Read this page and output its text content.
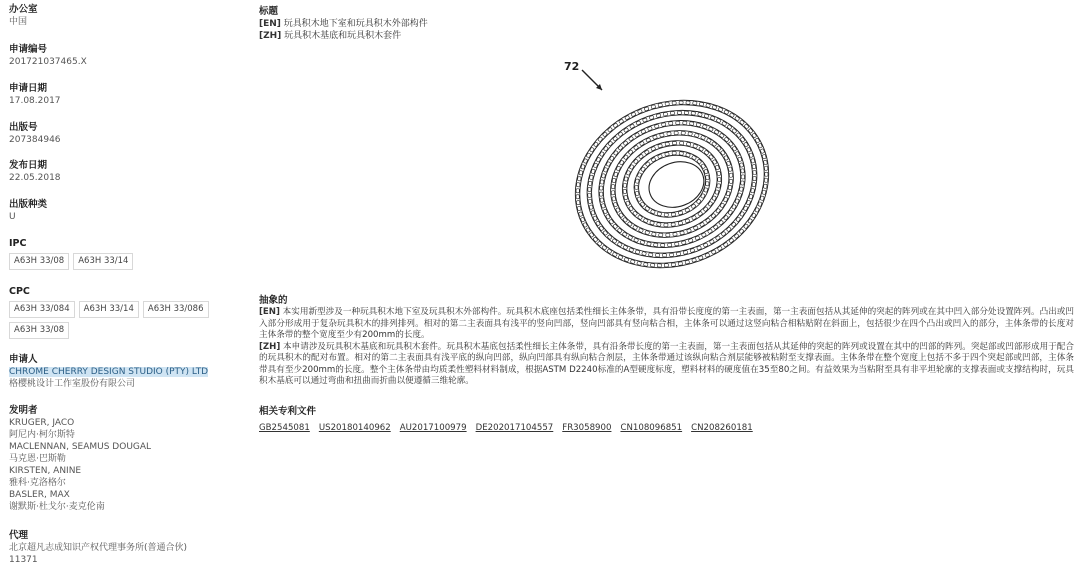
办公室
中国
申请编号
201721037465.X
申请日期
17.08.2017
出版号
207384946
发布日期
22.05.2018
出版种类
U
IPC
A63H 33/08	A63H 33/14
CPC
A63H 33/084	A63H 33/14	A63H 33/086
A63H 33/08
申请人
CHROME CHERRY DESIGN STUDIO (PTY) LTD
格樱桃设计工作室股份有限公司
发明者
KRUGER, JACO
阿尼内·柯尔斯特
MACLENNAN, SEAMUS DOUGAL
马克恩·巴斯勒
KIRSTEN, ANINE
雅科·克洛格尔
BASLER, MAX
谢默斯·杜戈尔·麦克伦南
代理
北京超凡志成知识产权代理事务所(普通合伙)
11371
标题
[EN] 玩具积木地下室和玩具积木外部构件
[ZH] 玩具积木基底和玩具积木套件
72
抽象的

[EN] 本实用新型涉及一种玩具积木地下室及玩具积木外部构件。玩具积木底座包括柔性细长主体条带，具有沿带长度度的第一主表面，第一主表面包括从其延伸的突起的阵列或在其中凹入部分处设置阵列。凸出或凹入部分形成用于复杂玩具积木的排列排列。相对的第二主表面具有浅平的竖向凹部，竖向凹部具有竖向粘合相，主体条可以通过这竖向粘合相粘贴附在斜面上，包括很少在四个凸出或凹入的部分，主体条带的长度对主体条带的整个宽度至少有200mm的长度。

[ZH] 本申请涉及玩具积木基底和玩具积木套件。玩具积木基底包括柔性细长主体条带，具有沿条带长度的第一主表面，第一主表面包括从其延伸的突起的阵列或设置在其中的凹部的阵列。突起部或凹部形成用于配合的玩具积木的配对布置。相对的第二主表面具有浅平底的纵向凹部，纵向凹部具有纵向粘合剂层，主体条带通过该纵向粘合剂层能够被粘附至支撑表面。主体条带在整个宽度上包括不多于四个突起部或凹部，主体条带具有至少200mm的长度。整个主体条带由均质柔性塑料材料制成，根据ASTM D2240标准的A型硬度标度，塑料材料的硬度值在35至80之间。有益效果为当粘附至具有非平坦轮廓的支撑表面或支撑结构时，玩具积木基底可以通过弯曲和扭曲而折曲以便遵循三维轮廓。

相关专利文件
GB2545081 US20180140962 AU2017100979 DE202017104557 FR3058900 CN108096851 CN208260181
